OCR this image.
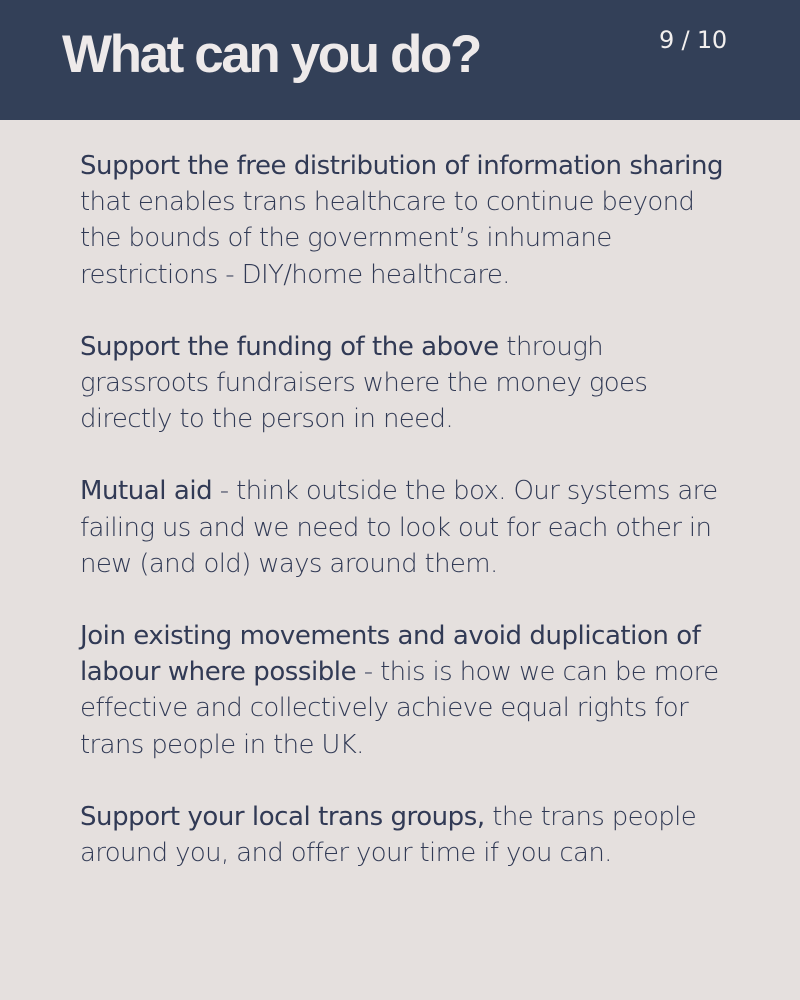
What can you do?	9 / 10

Support the free distribution of information sharing that enables trans healthcare to continue beyond the bounds of the government’s inhumane restrictions - DIY/home healthcare.

Support the funding of the above through grassroots fundraisers where the money goes directly to the person in need.

Mutual aid - think outside the box. Our systems are failing us and we need to look out for each other in new (and old) ways around them.

Join existing movements and avoid duplication of labour where possible - this is how we can be more effective and collectively achieve equal rights for trans people in the UK.

Support your local trans groups, the trans people around you, and offer your time if you can.
